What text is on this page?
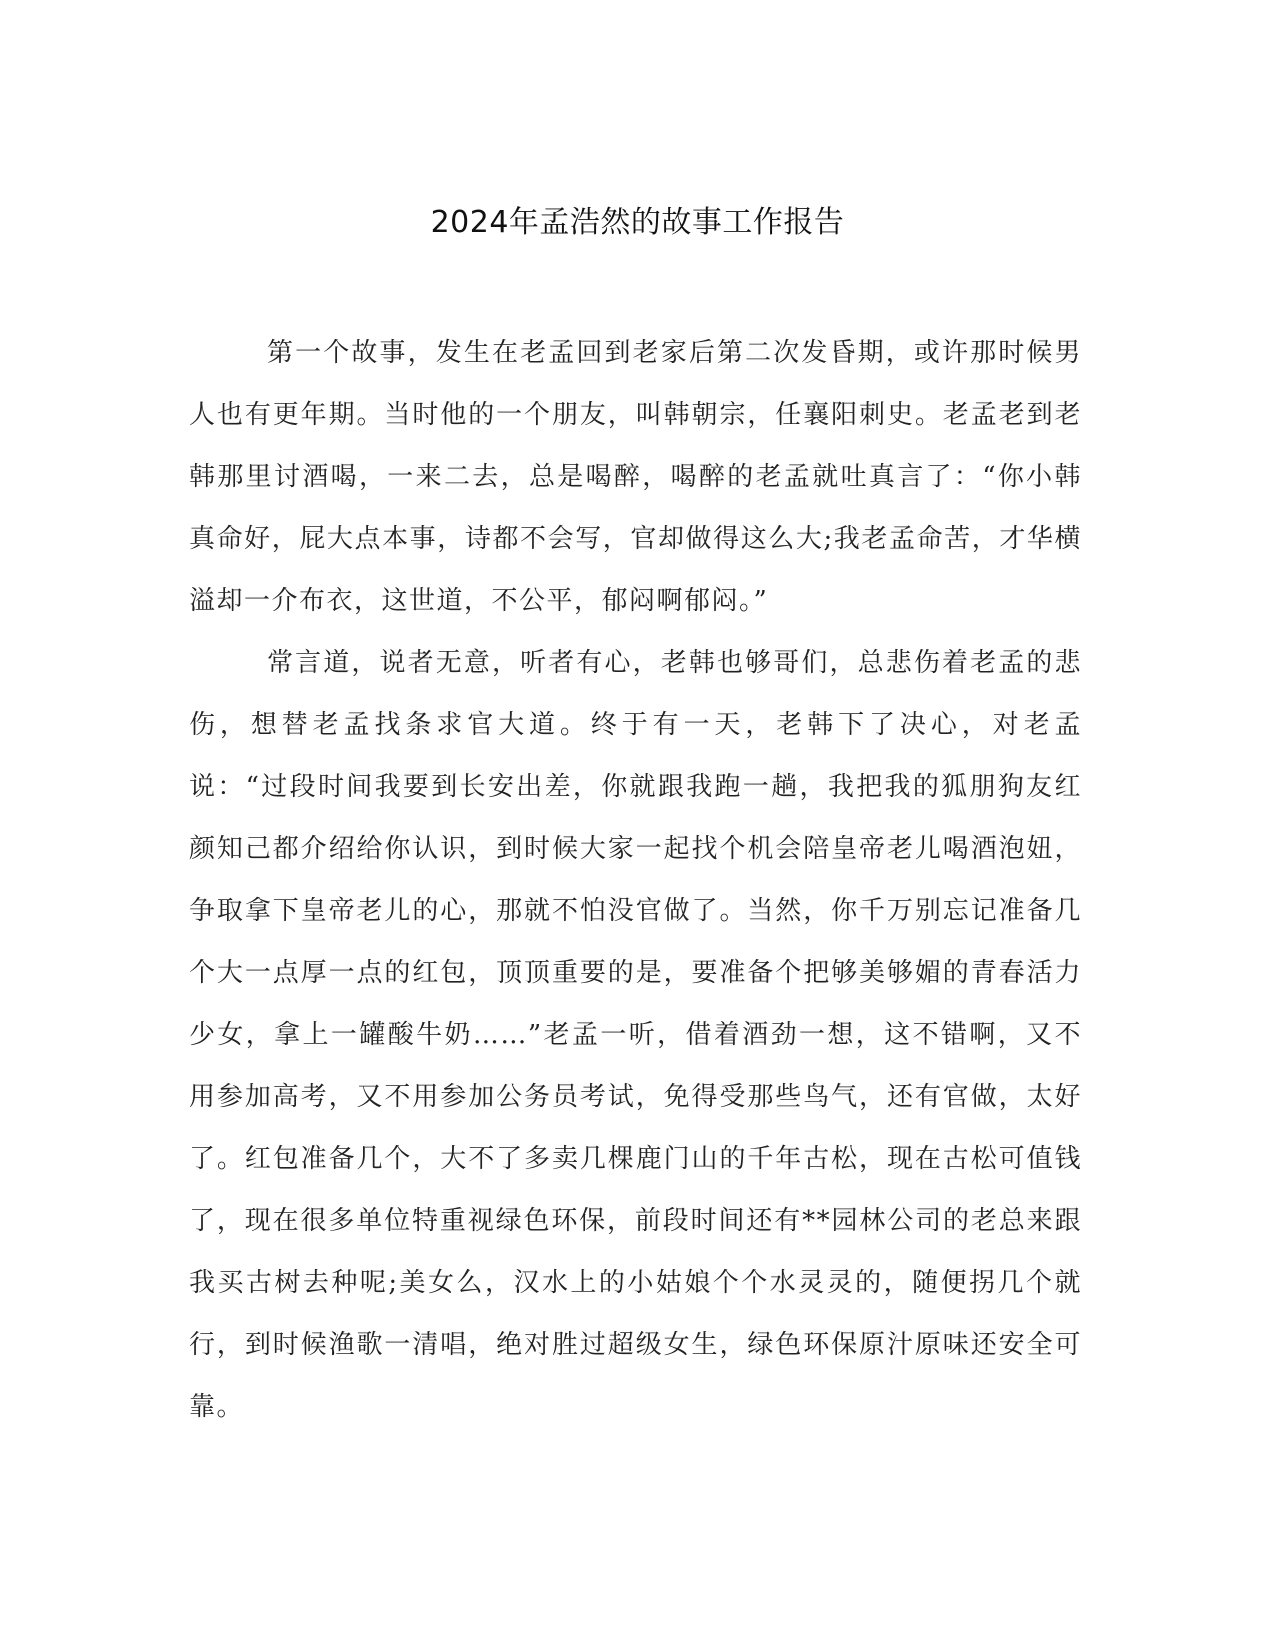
2024年孟浩然的故事工作报告

第一个故事，发生在老孟回到老家后第二次发昏期，或许那时候男人也有更年期。当时他的一个朋友，叫韩朝宗，任襄阳刺史。老孟老到老韩那里讨酒喝，一来二去，总是喝醉，喝醉的老孟就吐真言了：“你小韩真命好，屁大点本事，诗都不会写，官却做得这么大;我老孟命苦，才华横溢却一介布衣，这世道，不公平，郁闷啊郁闷。”

常言道，说者无意，听者有心，老韩也够哥们，总悲伤着老孟的悲伤，想替老孟找条求官大道。终于有一天，老韩下了决心，对老孟说：“过段时间我要到长安出差，你就跟我跑一趟，我把我的狐朋狗友红颜知己都介绍给你认识，到时候大家一起找个机会陪皇帝老儿喝酒泡妞，争取拿下皇帝老儿的心，那就不怕没官做了。当然，你千万别忘记准备几个大一点厚一点的红包，顶顶重要的是，要准备个把够美够媚的青春活力少女，拿上一罐酸牛奶……”老孟一听，借着酒劲一想，这不错啊，又不用参加高考，又不用参加公务员考试，免得受那些鸟气，还有官做，太好了。红包准备几个，大不了多卖几棵鹿门山的千年古松，现在古松可值钱了，现在很多单位特重视绿色环保，前段时间还有**园林公司的老总来跟我买古树去种呢;美女么，汉水上的小姑娘个个水灵灵的，随便拐几个就行，到时候渔歌一清唱，绝对胜过超级女生，绿色环保原汁原味还安全可靠。
